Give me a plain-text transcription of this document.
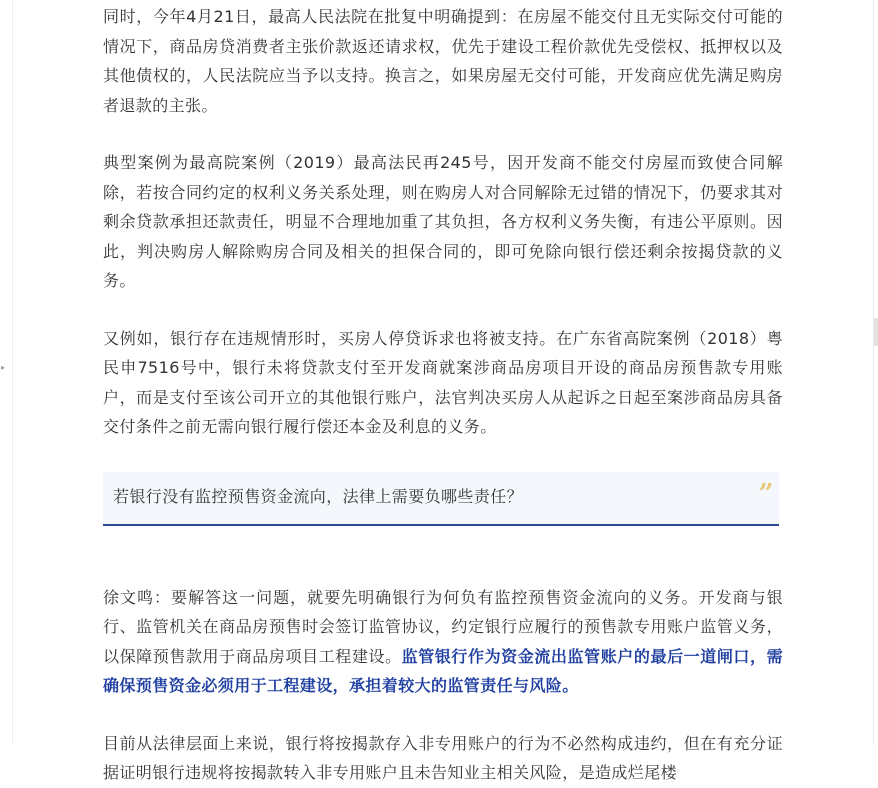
▸

同时，今年4月21日，最高人民法院在批复中明确提到：在房屋不能交付且无实际交付可能的情况下，商品房贷消费者主张价款返还请求权，优先于建设工程价款优先受偿权、抵押权以及其他债权的，人民法院应当予以支持。换言之，如果房屋无交付可能，开发商应优先满足购房者退款的主张。

典型案例为最高院案例（2019）最高法民再245号，因开发商不能交付房屋而致使合同解除，若按合同约定的权利义务关系处理，则在购房人对合同解除无过错的情况下，仍要求其对剩余贷款承担还款责任，明显不合理地加重了其负担，各方权利义务失衡，有违公平原则。因此，判决购房人解除购房合同及相关的担保合同的，即可免除向银行偿还剩余按揭贷款的义务。

又例如，银行存在违规情形时，买房人停贷诉求也将被支持。在广东省高院案例（2018）粤民申7516号中，银行未将贷款支付至开发商就案涉商品房项目开设的商品房预售款专用账户，而是支付至该公司开立的其他银行账户，法官判决买房人从起诉之日起至案涉商品房具备交付条件之前无需向银行履行偿还本金及利息的义务。

„
若银行没有监控预售资金流向，法律上需要负哪些责任？

徐文鸣：要解答这一问题，就要先明确银行为何负有监控预售资金流向的义务。开发商与银行、监管机关在商品房预售时会签订监管协议，约定银行应履行的预售款专用账户监管义务，以保障预售款用于商品房项目工程建设。监管银行作为资金流出监管账户的最后一道闸口，需确保预售资金必须用于工程建设，承担着较大的监管责任与风险。

目前从法律层面上来说，银行将按揭款存入非专用账户的行为不必然构成违约，但在有充分证据证明银行违规将按揭款转入非专用账户且未告知业主相关风险，是造成烂尾楼
